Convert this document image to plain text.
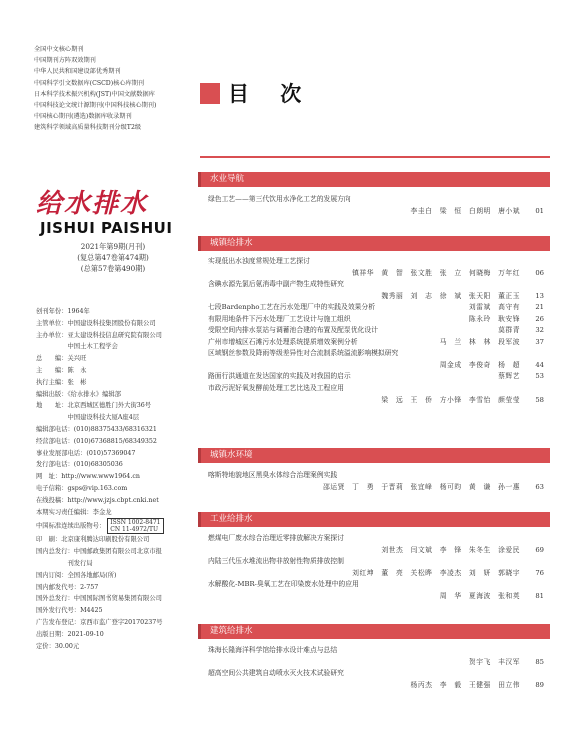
全国中文核心期刊
中国期刊方阵双效期刊
中华人民共和国建设部优秀期刊
中国科学引文数据库(CSCD)核心库期刊
日本科学技术振兴机构(JST)中国文献数据库
中国科技论文统计源期刊(中国科技核心期刊)
中国核心期刊(遴选)数据库收录期刊
建筑科学领域高质量科技期刊分级T2级
给水排水
JISHUI PAISHUI
2021年第9期(月刊)
(复总第47卷第474期)
(总第57卷第490期)
创刊年份：1964年
主管单位：中国建设科技集团股份有限公司
主办单位：亚太建设科技信息研究院有限公司
　　　　　中国土木工程学会
总　　编：关兴旺
主　　编：陈　永
执行主编：张　彬
编辑出版：《给水排水》编辑部
地　　址：北京西城区德胜门外大街36号
　　　　　中国建设科技大厦A座4层
编辑部电话：(010)88375433/68316321
经营部电话：(010)67368815/68349352
事业发展部电话：(010)57369047
发行部电话：(010)68305036
网　址：http://www.www1964.cn
电子信箱：gsps@vip.163.com
在线投稿：http://www.jzjs.cbpt.cnki.net
本期实习责任编辑：李金龙
中国标准连续出版物号： ISSN 1002-8471
CN 11-4972/TU
印　刷：北京康利腾达印刷股份有限公司
国内总发行：中国邮政集团有限公司北京市报
　　　　　刊发行局
国内订阅：全国各地邮局(所)
国内邮发代号：2-757
国外总发行：中国国际图书贸易集团有限公司
国外发行代号：M4425
广告发布登记：京西市监广登字20170237号
出版日期：2021-09-10
定价：30.00元
目 次
水业导航
绿色工艺——第三代饮用水净化工艺的发展方向
李圭白　梁　恒　白朗明　唐小斌	01
城镇给排水
实现低出水浊度常规处理工艺探讨
镇祥华　黄　智　张文胜　张　立　何晓梅　万年红	06
含碘水源先氯后氨消毒中副产物生成特性研究
魏秀丽　刘　志　徐　斌　张天阳　董正玉	13
七段Bardenpho工艺在污水处理厂中的实践及效果分析	刘雷斌　高守有	21
有限用地条件下污水处理厂工艺设计与施工组织	陈永玲　耿安锋	26
受限空间内排水泵站与调蓄池合建的布置及配泵优化设计	莫群青	32
广州市增城区石滩污水处理系统提质增效案例分析	马　兰　林　林　段军波	37
区域钢丝参数及降雨等级差异性对合流制系统溢流影响模拟研究
周金成　李俊奇　杨　超	44
路面行洪通道在发达国家的实践及对我国的启示	蔡辉艺	53
市政污泥好氧发酵前处理工艺比选及工程应用
梁　远　王　侨　方小锋　李雪怡　颜莹莹	58
城镇水环境
喀斯特地貌地区黑臭水体综合治理案例实践
邵运贤　丁　勇　于晋莉　张宜峰　杨可昀　黄　谦　孙一惠	63
工业给排水
燃煤电厂废水综合治理近零排放解决方案探讨
刘世杰　闫文斌　李　锋　朱冬生　涂爱民	69
内陆三代压水堆流出物非放射性物质排放控制
刘红坤　董　亮　关松晔　李凌杰　刘　妍　郭晓宇	76
水解酸化-MBR-臭氧工艺在印染废水处理中的应用
周　华　夏海波　张和英	81
建筑给排水
珠海长隆海洋科学馆给排水设计难点与总结
贺宇飞　丰汉军	85
超高空间公共建筑自动喷水灭火技术试验研究
杨丙杰　李　毅　王健强　田立伟	89
